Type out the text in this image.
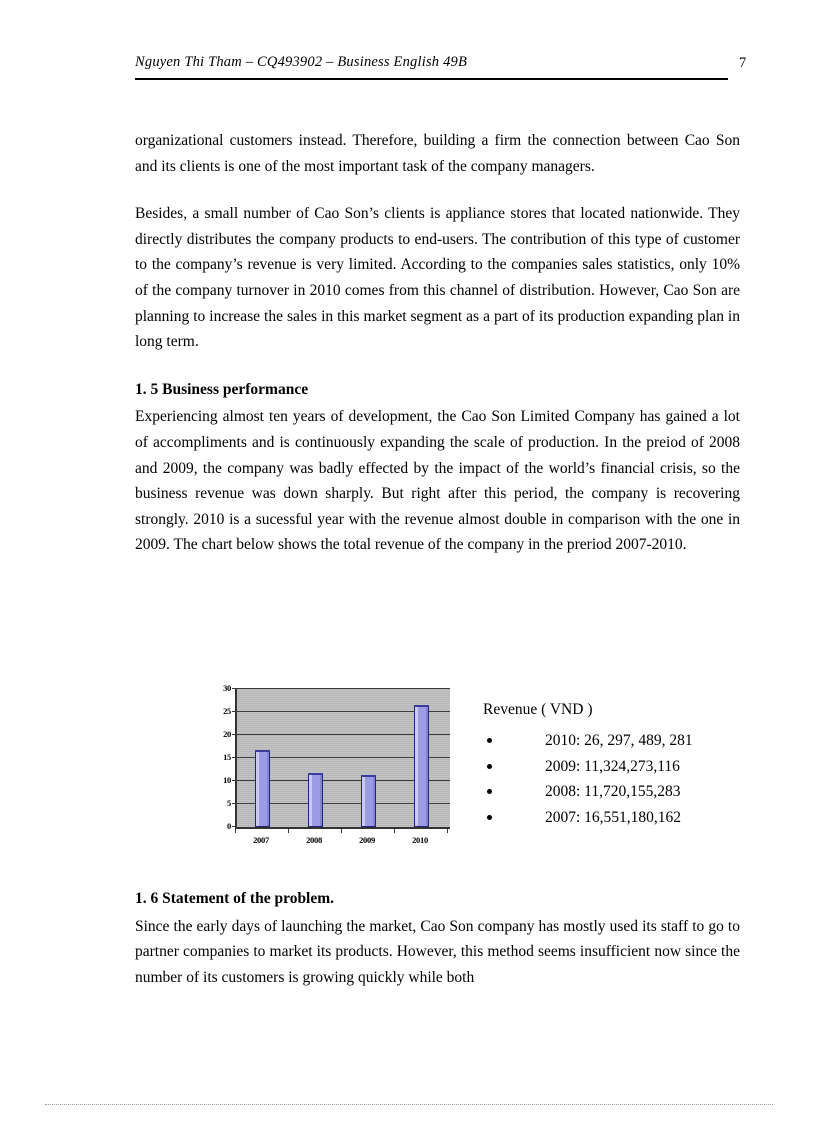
Nguyen Thi Tham – CQ493902 – Business English 49B	7

organizational customers instead. Therefore, building a firm the connection between Cao Son and its clients is one of the most important task of the company managers.

Besides, a small number of Cao Son’s clients is appliance stores that located nationwide. They directly distributes the company products to end-users. The contribution of this type of customer to the company’s revenue is very limited. According to the companies sales statistics, only 10% of the company turnover in 2010 comes from this channel of distribution. However, Cao Son are planning to increase the sales in this market segment as a part of its production expanding plan in long term.

1. 5 Business performance

Experiencing almost ten years of development, the Cao Son Limited Company has gained a lot of accompliments and is continuously expanding the scale of production. In the preiod of 2008 and 2009, the company was badly effected by the impact of the world’s financial crisis, so the business revenue was down sharply. But right after this period, the company is recovering strongly. 2010 is a sucessful year with the revenue almost double in comparison with the one in 2009. The chart below shows the total revenue of the company in the preriod 2007-2010.

30
25
20
15
10
5
0
2007	2008	2009	2010
Revenue ( VND )
2010: 26, 297, 489, 281
2009: 11,324,273,116
2008: 11,720,155,283
2007: 16,551,180,162
1. 6 Statement of the problem.

Since the early days of launching the market, Cao Son company has mostly used its staff to go to partner companies to market its products. However, this method seems insufficient now since the number of its customers is growing quickly while both
